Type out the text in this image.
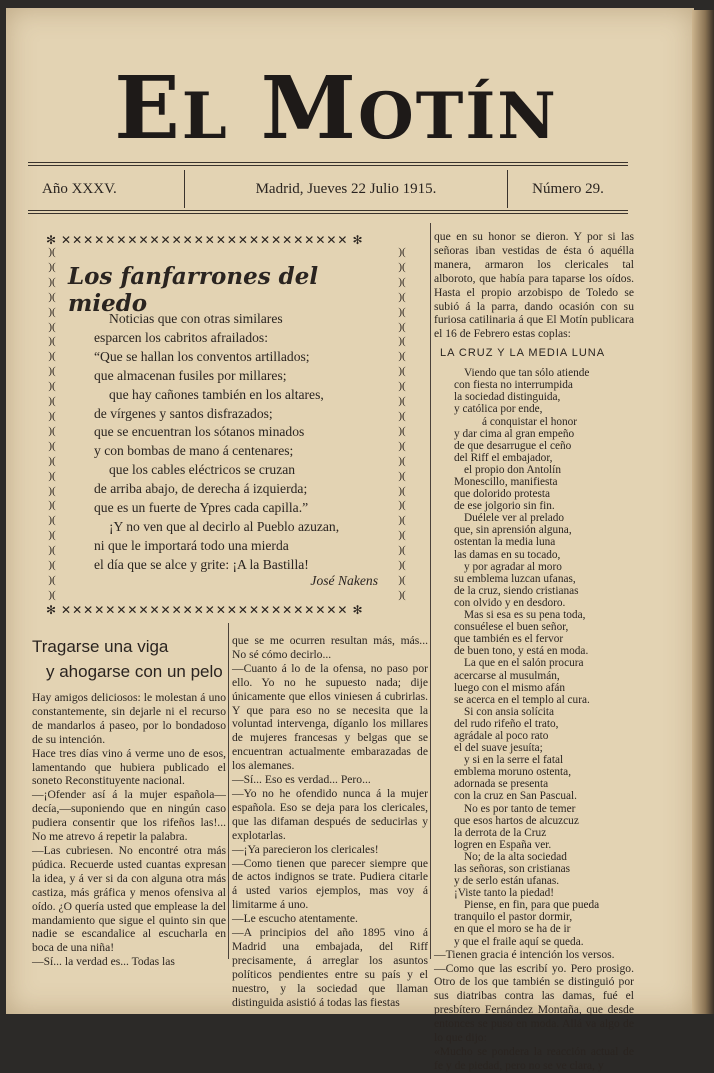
EL MOTÍN
Año XXXV.	Madrid, Jueves 22 Julio 1915.	Número 29.
✻ ✕✕✕✕✕✕✕✕✕✕✕✕✕✕✕✕✕✕✕✕✕✕✕✕✕✕ ✻
)(
)(
)(
)(
)(
)(
)(
)(
)(
)(
)(
)(
)(
)(
)(
)(
)(
)(
)(
)(
)(
)(
)(
)(
)(
)(
)(
)(
)(
)(
)(
)(
)(
)(
)(
)(
)(
)(
)(
)(
)(
)(
)(
)(
)(
)(
)(
)(
✻ ✕✕✕✕✕✕✕✕✕✕✕✕✕✕✕✕✕✕✕✕✕✕✕✕✕✕ ✻
Los fanfarrones del miedo
Noticias que con otras similares
esparcen los cabritos afrailados:
“Que se hallan los conventos artillados;
que almacenan fusiles por millares;
que hay cañones también en los altares,
de vírgenes y santos disfrazados;
que se encuentran los sótanos minados
y con bombas de mano á centenares;
que los cables eléctricos se cruzan
de arriba abajo, de derecha á izquierda;
que es un fuerte de Ypres cada capilla.”
¡Y no ven que al decirlo al Pueblo azuzan,
ni que le importará todo una mierda
el día que se alce y grite: ¡A la Bastilla!
José Nakens
Tragarse una viga
y ahogarse con un pelo

Hay amigos deliciosos: le molestan á uno constantemente, sin dejarle ni el recurso de mandarlos á paseo, por lo bondadoso de su intención.

Hace tres días vino á verme uno de esos, lamentando que hubiera publicado el soneto Reconstituyente nacional.

—¡Ofender así á la mujer española—decía,—suponiendo que en ningún caso pudiera consentir que los rifeños las!... No me atrevo á repetir la palabra.

—Las cubriesen. No encontré otra más púdica. Recuerde usted cuantas expresan la idea, y á ver si da con alguna otra más castiza, más gráfica y menos ofensiva al oído. ¿O quería usted que emplease la del mandamiento que sigue el quinto sin que nadie se escandalice al escucharla en boca de una niña!

—Sí... la verdad es... Todas las

que se me ocurren resultan más, más... No sé cómo decirlo...

—Cuanto á lo de la ofensa, no paso por ello. Yo no he supuesto nada; dije únicamente que ellos viniesen á cubrirlas. Y que para eso no se necesita que la voluntad intervenga, díganlo los millares de mujeres francesas y belgas que se encuentran actualmente embarazadas de los alemanes.

—Sí... Eso es verdad... Pero...

—Yo no he ofendido nunca á la mujer española. Eso se deja para los clericales, que las difaman después de seducirlas y explotarlas.

—¡Ya parecieron los clericales!

—Como tienen que parecer siempre que de actos indignos se trate. Pudiera citarle á usted varios ejemplos, mas voy á limitarme á uno.

—Le escucho atentamente.

—A principios del año 1895 vino á Madrid una embajada, del Riff precisamente, á arreglar los asuntos políticos pendientes entre su país y el nuestro, y la sociedad que llaman distinguida asistió á todas las fiestas

que en su honor se dieron. Y por si las señoras iban vestidas de ésta ó aquélla manera, armaron los clericales tal alboroto, que había para taparse los oídos. Hasta el propio arzobispo de Toledo se subió á la parra, dando ocasión con su furiosa catilinaria á que El Motín publicara el 16 de Febrero estas coplas:

LA CRUZ Y LA MEDIA LUNA
Viendo que tan sólo atiende
con fiesta no interrumpida
la sociedad distinguida,
y católica por ende,
á conquistar el honor
y dar cima al gran empeño
de que desarrugue el ceño
del Riff el embajador,
el propio don Antolín
Monescillo, manifiesta
que dolorido protesta
de ese jolgorio sin fin.
Duélele ver al prelado
que, sin aprensión alguna,
ostentan la media luna
las damas en su tocado,
y por agradar al moro
su emblema luzcan ufanas,
de la cruz, siendo cristianas
con olvido y en desdoro.
Mas si esa es su pena toda,
consuélese el buen señor,
que también es el fervor
de buen tono, y está en moda.
La que en el salón procura
acercarse al musulmán,
luego con el mismo afán
se acerca en el templo al cura.
Si con ansia solícita
del rudo rifeño el trato,
agrádale al poco rato
el del suave jesuíta;
y si en la serre el fatal
emblema moruno ostenta,
adornada se presenta
con la cruz en San Pascual.
No es por tanto de temer
que esos hartos de alcuzcuz
la derrota de la Cruz
logren en España ver.
No; de la alta sociedad
las señoras, son cristianas
y de serlo están ufanas.
¡Viste tanto la piedad!
Piense, en fin, para que pueda
tranquilo el pastor dormir,
en que el moro se ha de ir
y que el fraile aquí se queda.

—Tienen gracia é intención los versos.

—Como que las escribí yo. Pero prosigo. Otro de los que también se distinguió por sus diatribas contra las damas, fué el presbítero Fernández Montaña, que desde entonces se puso en moda. Allá va algo de lo que dijo:

«Mucho se pondera la reacción actual de fe y de piedad, pero no se ve clara, y
